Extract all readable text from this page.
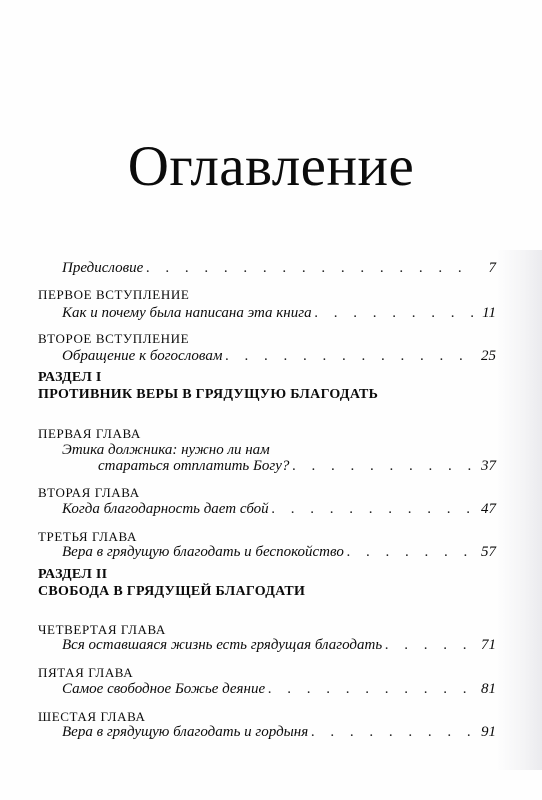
Оглавление
Предисловие . . .	7
ПЕРВОЕ ВСТУПЛЕНИЕ
Как и почему была написана эта книга . . .	11
ВТОРОЕ ВСТУПЛЕНИЕ
Обращение к богословам . . .	25
РАЗДЕЛ I
ПРОТИВНИК ВЕРЫ В ГРЯДУЩУЮ БЛАГОДАТЬ
ПЕРВАЯ ГЛАВА
Этика должника: нужно ли нам
стараться отплатить Богу? . . .	37
ВТОРАЯ ГЛАВА
Когда благодарность дает сбой . . .	47
ТРЕТЬЯ ГЛАВА
Вера в грядущую благодать и беспокойство . . .	57
РАЗДЕЛ II
СВОБОДА В ГРЯДУЩЕЙ БЛАГОДАТИ
ЧЕТВЕРТАЯ ГЛАВА
Вся оставшаяся жизнь есть грядущая благодать . . .	71
ПЯТАЯ ГЛАВА
Самое свободное Божье деяние . . .	81
ШЕСТАЯ ГЛАВА
Вера в грядущую благодать и гордыня . . .	91
